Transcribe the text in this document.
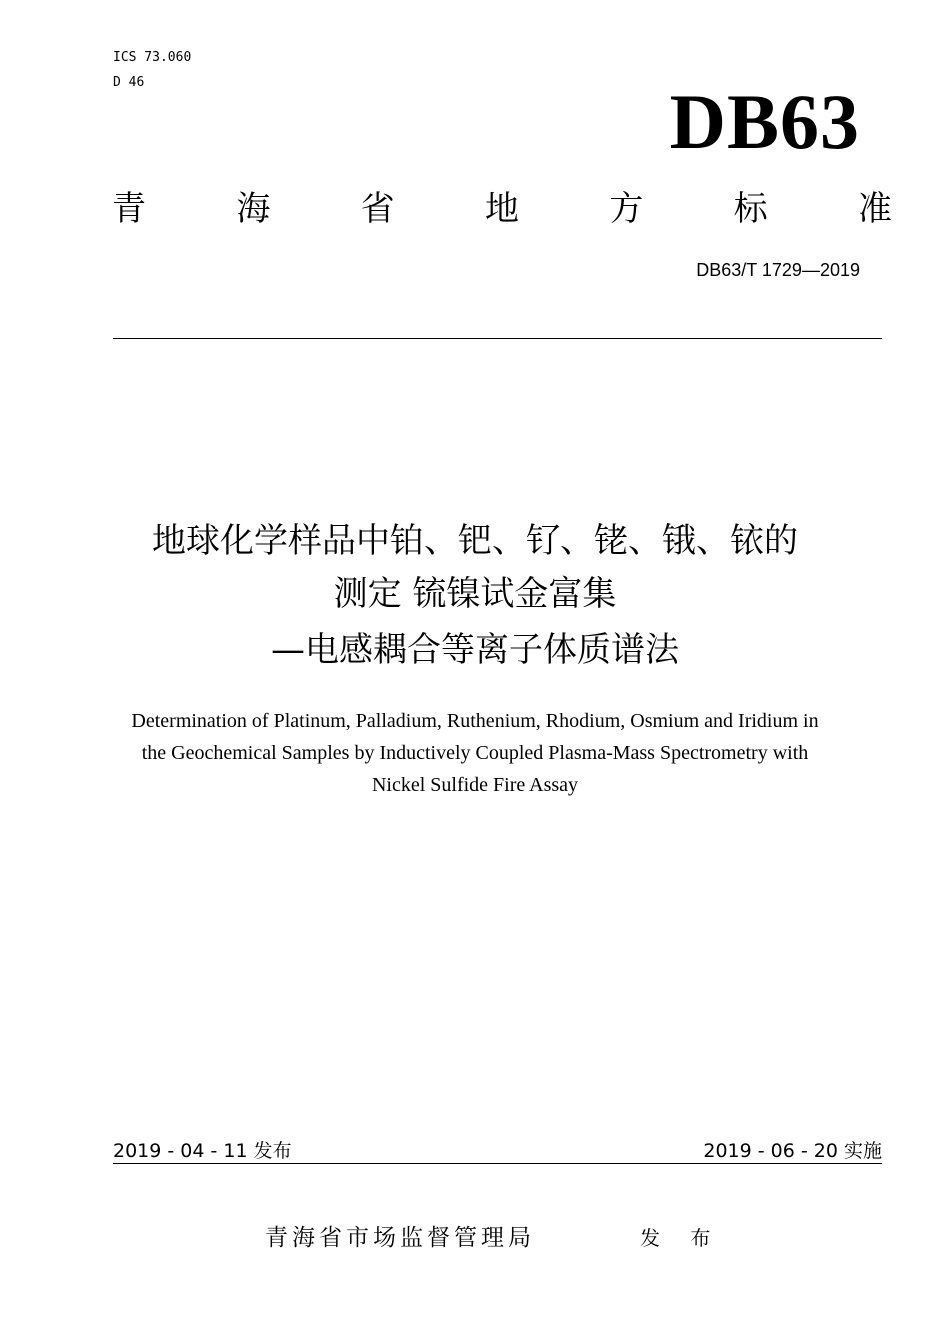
ICS 73.060
D 46	DB63
青	海	省	地	方	标	准
DB63/T 1729—2019
地球化学样品中铂、钯、钌、铑、锇、铱的
测定 锍镍试金富集
—电感耦合等离子体质谱法
Determination of Platinum, Palladium, Ruthenium, Rhodium, Osmium and Iridium in
the Geochemical Samples by Inductively Coupled Plasma-Mass Spectrometry with
Nickel Sulfide Fire Assay
2019 - 04 - 11 发布	2019 - 06 - 20 实施
青海省市场监督管理局	发 布
